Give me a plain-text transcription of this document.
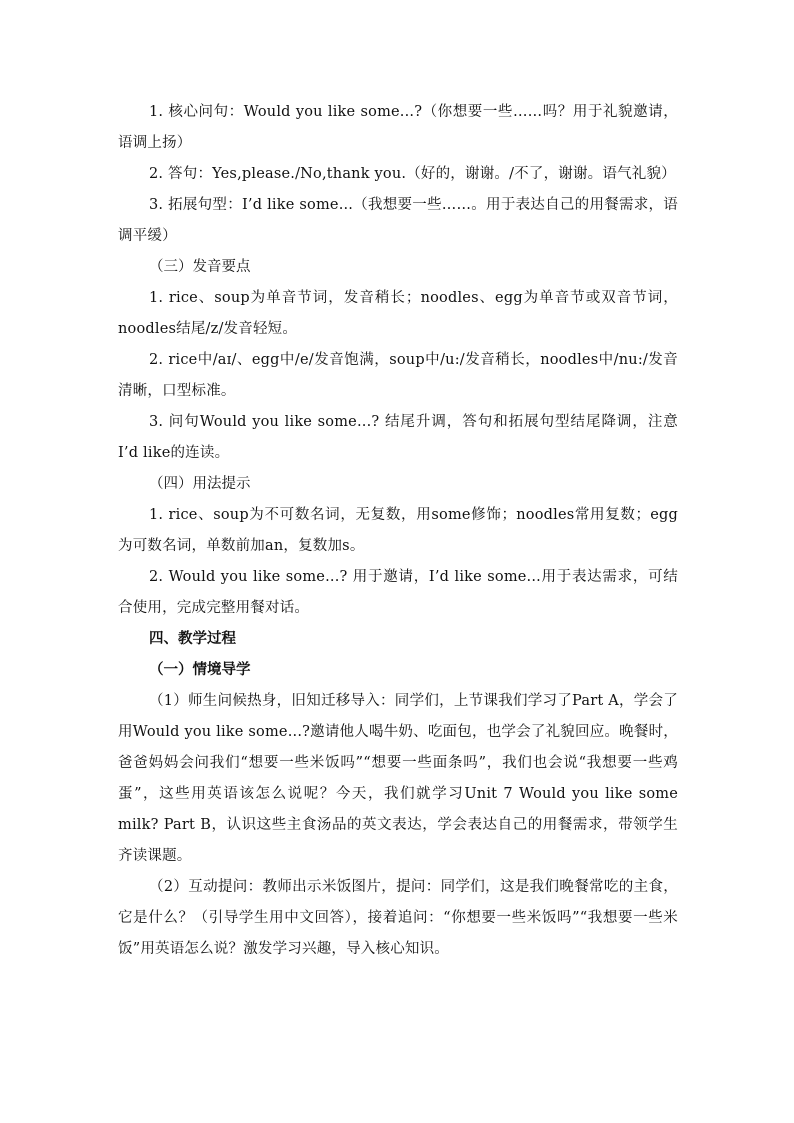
1. 核心问句：Would you like some...?（你想要一些……吗？用于礼貌邀请，语调上扬）

2. 答句：Yes,please./No,thank you.（好的，谢谢。/不了，谢谢。语气礼貌）

3. 拓展句型：I’d like some...（我想要一些……。用于表达自己的用餐需求，语调平缓）

（三）发音要点

1. rice、soup为单音节词，发音稍长；noodles、egg为单音节或双音节词，noodles结尾/z/发音轻短。

2. rice中/aɪ/、egg中/e/发音饱满，soup中/u:/发音稍长，noodles中/nu:/发音清晰，口型标准。

3. 问句Would you like some...? 结尾升调，答句和拓展句型结尾降调，注意I’d like的连读。

（四）用法提示

1. rice、soup为不可数名词，无复数，用some修饰；noodles常用复数；egg为可数名词，单数前加an，复数加s。

2. Would you like some...? 用于邀请，I’d like some...用于表达需求，可结合使用，完成完整用餐对话。

四、教学过程

（一）情境导学

（1）师生问候热身，旧知迁移导入：同学们，上节课我们学习了Part A，学会了用Would you like some...?邀请他人喝牛奶、吃面包，也学会了礼貌回应。晚餐时，爸爸妈妈会问我们“想要一些米饭吗”“想要一些面条吗”，我们也会说“我想要一些鸡蛋”，这些用英语该怎么说呢？今天，我们就学习Unit 7 Would you like some milk? Part B，认识这些主食汤品的英文表达，学会表达自己的用餐需求，带领学生齐读课题。

（2）互动提问：教师出示米饭图片，提问：同学们，这是我们晚餐常吃的主食，它是什么？（引导学生用中文回答），接着追问：“你想要一些米饭吗”“我想要一些米饭”用英语怎么说？激发学习兴趣，导入核心知识。
